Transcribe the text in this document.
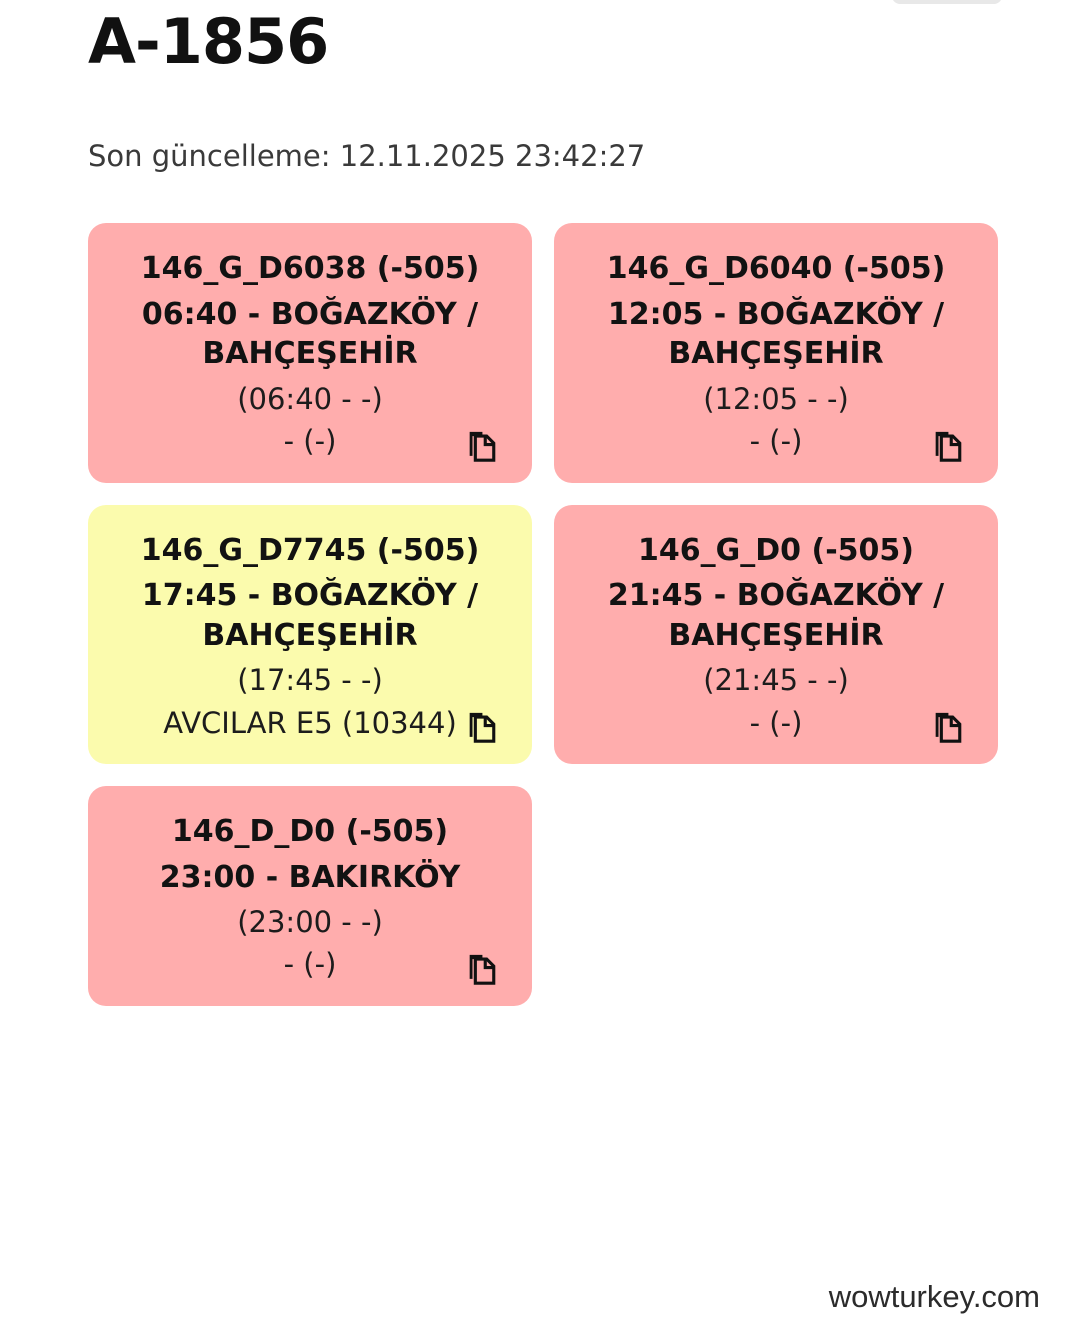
A-1856
Son güncelleme: 12.11.2025 23:42:27
146_G_D6038 (-505)
06:40 - BOĞAZKÖY / BAHÇEŞEHİR
(06:40 - -)
- (-)
146_G_D6040 (-505)
12:05 - BOĞAZKÖY / BAHÇEŞEHİR
(12:05 - -)
- (-)
146_G_D7745 (-505)
17:45 - BOĞAZKÖY / BAHÇEŞEHİR
(17:45 - -)
AVCILAR E5 (10344)
146_G_D0 (-505)
21:45 - BOĞAZKÖY / BAHÇEŞEHİR
(21:45 - -)
- (-)
146_D_D0 (-505)
23:00 - BAKIRKÖY
(23:00 - -)
- (-)
wowturkey.com
